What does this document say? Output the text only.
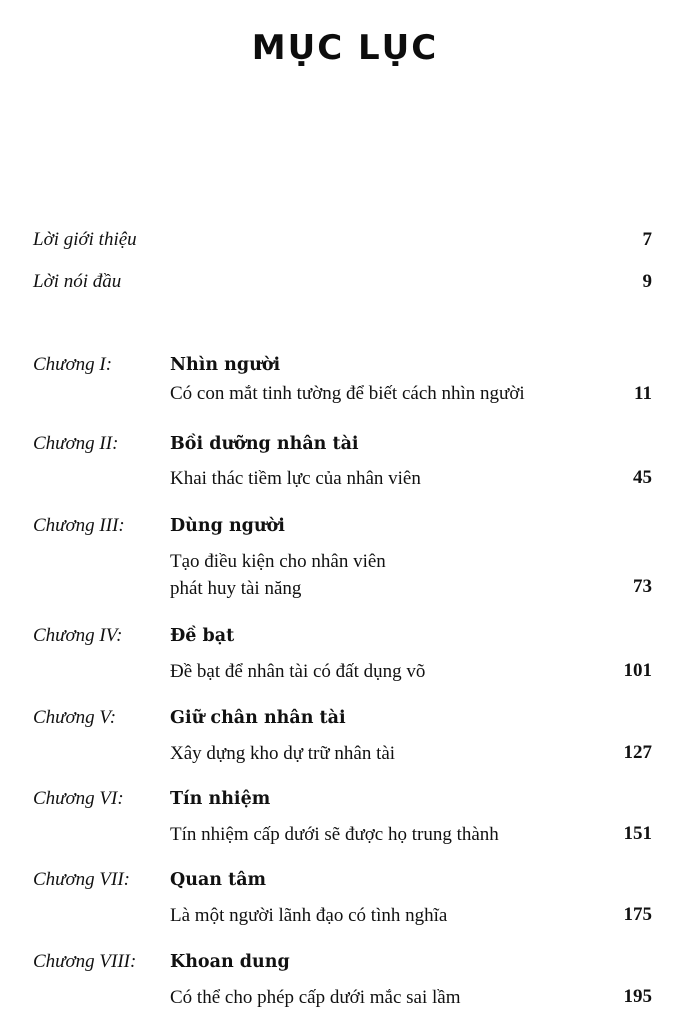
MỤC LỤC
Lời giới thiệu	7
Lời nói đầu	9
Chương I:	Nhìn người
Có con mắt tinh tường để biết cách nhìn người	11
Chương II:	Bồi dưỡng nhân tài
Khai thác tiềm lực của nhân viên	45
Chương III:	Dùng người
Tạo điều kiện cho nhân viên
phát huy tài năng	73
Chương IV:	Đề bạt
Đề bạt để nhân tài có đất dụng võ	101
Chương V:	Giữ chân nhân tài
Xây dựng kho dự trữ nhân tài	127
Chương VI:	Tín nhiệm
Tín nhiệm cấp dưới sẽ được họ trung thành	151
Chương VII: Quan tâm
Là một người lãnh đạo có tình nghĩa	175
Chương VIII: Khoan dung
Có thể cho phép cấp dưới mắc sai lầm	195
